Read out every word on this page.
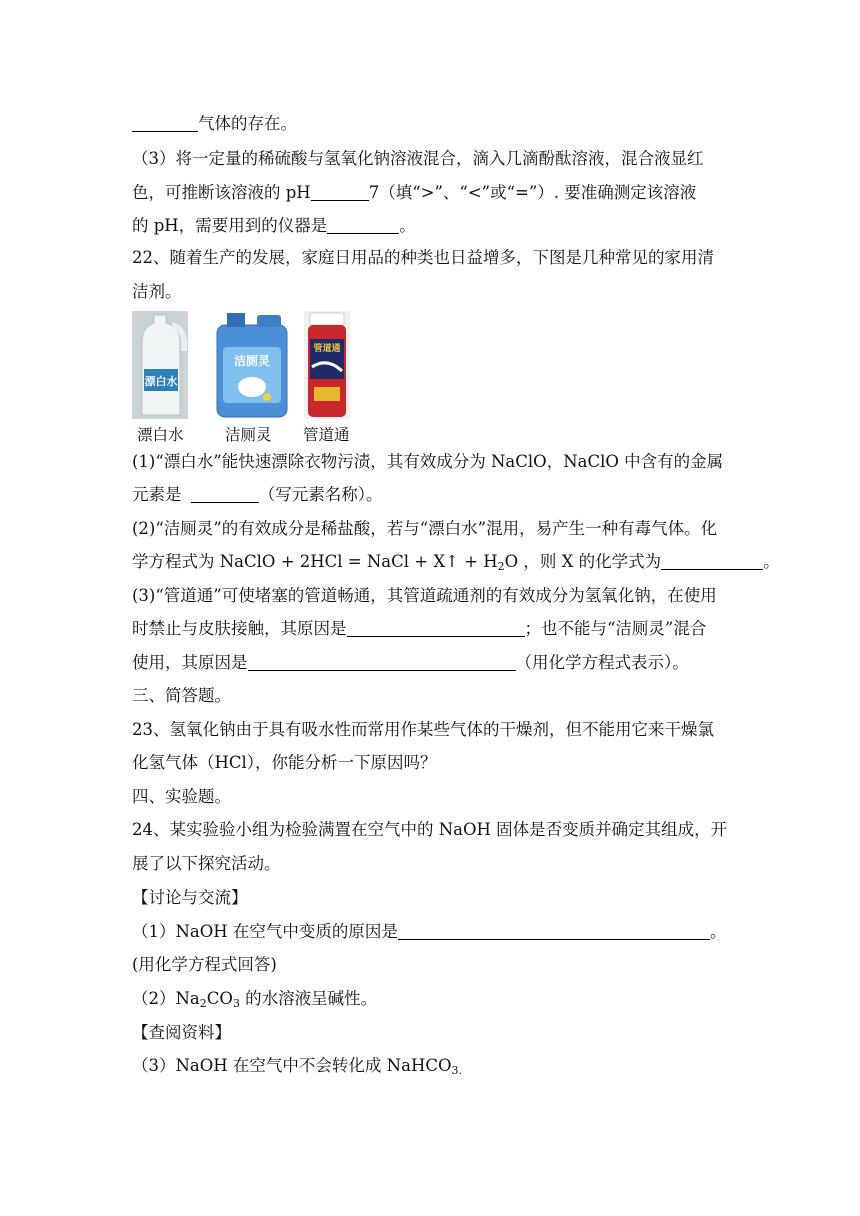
气体的存在。
（3）将一定量的稀硫酸与氢氧化钠溶液混合，滴入几滴酚酞溶液，混合液显红
色，可推断该溶液的 pH	7（填“>”、“<”或“=”）. 要准确测定该溶液
的 pH，需要用到的仪器是	。
22、随着生产的发展，家庭日用品的种类也日益增多，下图是几种常见的家用清
洁剂。
漂白水
洁厕灵
管道通
漂白水	洁厕灵 管道通
(1)“漂白水”能快速漂除衣物污渍，其有效成分为 NaClO，NaClO 中含有的金属
元素是	（写元素名称）。
(2)“洁厕灵”的有效成分是稀盐酸，若与“漂白水”混用，易产生一种有毒气体。化
学方程式为 NaClO + 2HCl = NaCl + X↑ + $H_2O$ ，则 X 的化学式为	。
(3)“管道通”可使堵塞的管道畅通，其管道疏通剂的有效成分为氢氧化钠，在使用
时禁止与皮肤接触，其原因是	；也不能与“洁厕灵”混合
使用，其原因是	（用化学方程式表示）。
三、简答题。
23、氢氧化钠由于具有吸水性而常用作某些气体的干燥剂，但不能用它来干燥氯
化氢气体（HCl），你能分析一下原因吗？
四、实验题。
24、某实验验小组为检验满置在空气中的 NaOH 固体是否变质并确定其组成，开
展了以下探究活动。
【讨论与交流】
（1）NaOH 在空气中变质的原因是	。
(用化学方程式回答)
$(2)Na_2CO_3$ 的水溶液呈碱性。
【查阅资料】
（3）NaOH 在空气中不会转化成 NaHCO$_{3.}$
